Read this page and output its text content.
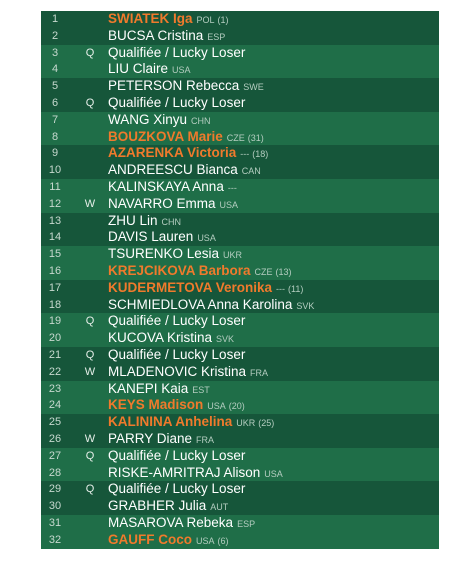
1	SWIATEK Iga POL (1)
2	BUCSA Cristina ESP
3	Q Qualifiée / Lucky Loser
4	LIU Claire USA
5	PETERSON Rebecca SWE
6	Q Qualifiée / Lucky Loser
7	WANG Xinyu CHN
8	BOUZKOVA Marie CZE (31)
9	AZARENKA Victoria --- (18)
10	ANDREESCU Bianca CAN
11	KALINSKAYA Anna ---
12	W NAVARRO Emma USA
13	ZHU Lin CHN
14	DAVIS Lauren USA
15	TSURENKO Lesia UKR
16	KREJCIKOVA Barbora CZE (13)
17	KUDERMETOVA Veronika --- (11)
18	SCHMIEDLOVA Anna Karolina SVK
19	Q Qualifiée / Lucky Loser
20	KUCOVA Kristina SVK
21	Q Qualifiée / Lucky Loser
22	W MLADENOVIC Kristina FRA
23	KANEPI Kaia EST
24	KEYS Madison USA (20)
25	KALININA Anhelina UKR (25)
26	W PARRY Diane FRA
27	Q Qualifiée / Lucky Loser
28	RISKE-AMRITRAJ Alison USA
29	Q Qualifiée / Lucky Loser
30	GRABHER Julia AUT
31	MASAROVA Rebeka ESP
32	GAUFF Coco USA (6)
